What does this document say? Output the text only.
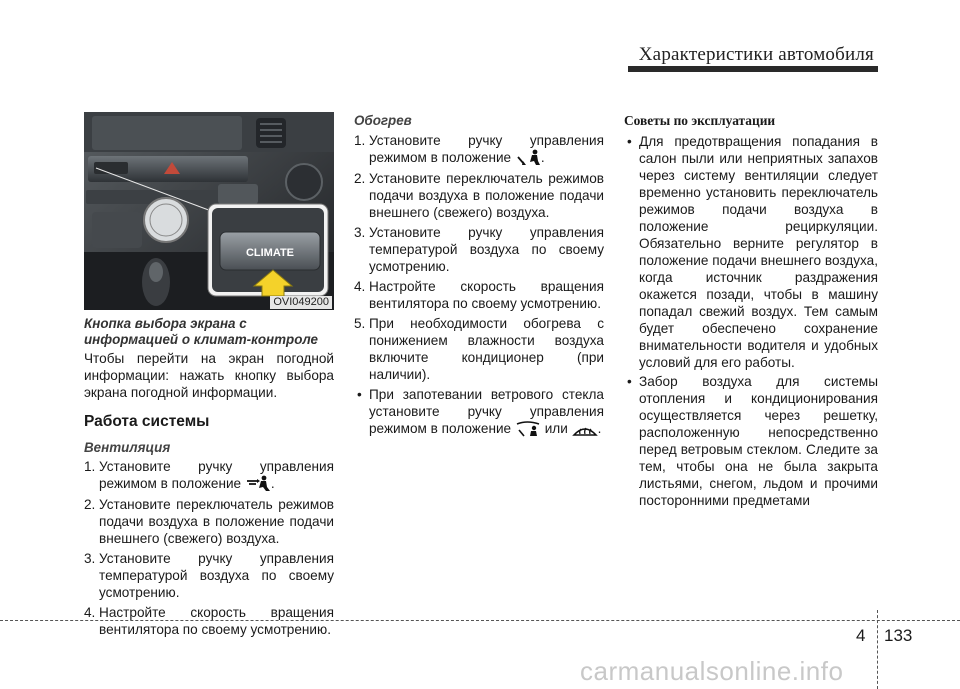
Характеристики автомобиля
CLIMATE
OVI049200
Кнопка выбора экрана с информацией о климат-контроле
Чтобы перейти на экран погодной информации: нажать кнопку выбора экрана погодной информации.
Работа системы
Вентиляция
1. Установите ручку управления режимом в положение .
2. Установите переключатель режимов подачи воздуха в положение подачи внешнего (свежего) воздуха.
3. Установите ручку управления температурой воздуха по своему усмотрению.
4. Настройте скорость вращения вентилятора по своему усмотрению.
Обогрев
1. Установите ручку управления режимом в положение .
2. Установите переключатель режимов подачи воздуха в положение подачи внешнего (свежего) воздуха.
3. Установите ручку управления температурой воздуха по своему усмотрению.
4. Настройте скорость вращения вентилятора по своему усмотрению.
5. При необходимости обогрева с понижением влажности воздуха включите кондиционер (при наличии).
• При запотевании ветрового стекла установите ручку управления режимом в положение или .
Советы по эксплуатации
• Для предотвращения попадания в салон пыли или неприятных запахов через систему вентиляции следует временно установить переключатель режимов подачи воздуха в положение рециркуляции. Обязательно верните регулятор в положение подачи внешнего воздуха, когда источник раздражения окажется позади, чтобы в машину попадал свежий воздух. Тем самым будет обеспечено сохранение внимательности водителя и удобных условий для его работы.
• Забор воздуха для системы отопления и кондиционирования осуществляется через решетку, расположенную непосредственно перед ветровым стеклом. Следите за тем, чтобы она не была закрыта листьями, снегом, льдом и прочими посторонними предметами
4 133
carmanualsonline.info
